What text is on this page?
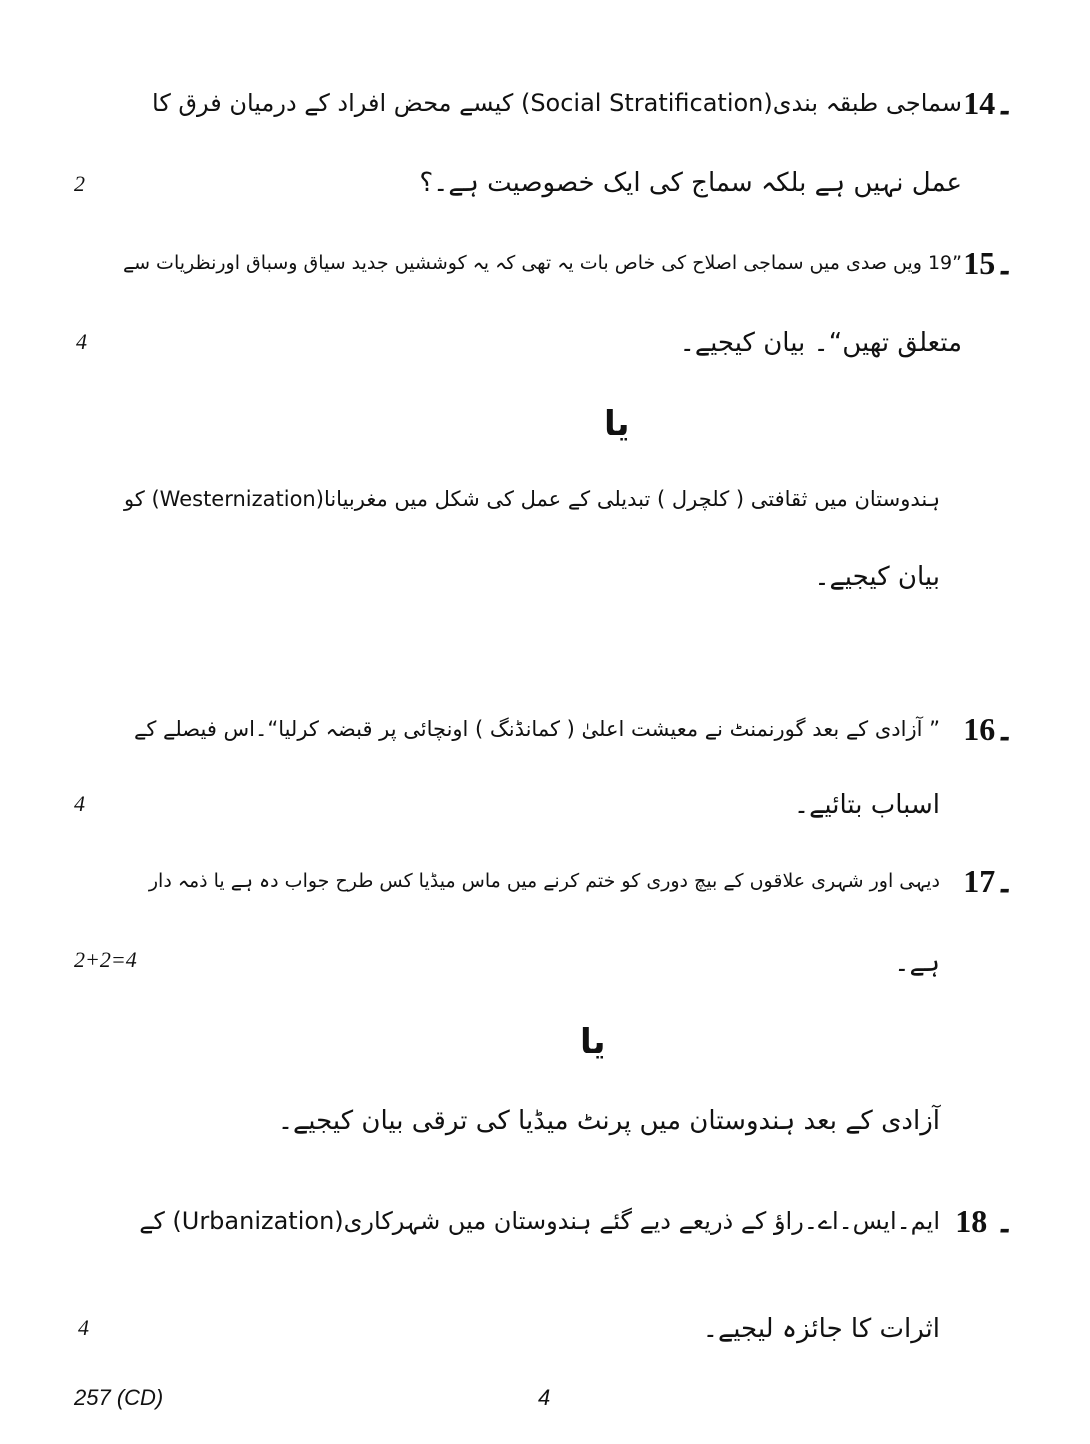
14۔
سماجی طبقہ بندی(Social Stratification) کیسے محض افراد کے درمیان فرق کا
عمل نہیں ہے بلکہ سماج کی ایک خصوصیت ہے۔؟
2
15۔
”19 ویں صدی میں سماجی اصلاح کی خاص بات یہ تھی کہ یہ کوششیں جدید سیاق وسباق اورنظریات سے
متعلق تھیں“۔ بیان کیجیے۔
4
یا
ہندوستان میں ثقافتی ( کلچرل ) تبدیلی کے عمل کی شکل میں مغربیانا(Westernization) کو
بیان کیجیے۔
16۔
” آزادی کے بعد گورنمنٹ نے معیشت اعلیٰ ( کمانڈنگ ) اونچائی پر قبضہ کرلیا“۔اس فیصلے کے
اسباب بتائیے۔
4
17۔
دیہی اور شہری علاقوں کے بیچ دوری کو ختم کرنے میں ماس میڈیا کس طرح جواب دہ ہے یا ذمہ دار
ہے۔
2+2=4
یا
آزادی کے بعد ہندوستان میں پرنٹ میڈیا کی ترقی بیان کیجیے۔
18 ۔
ایم۔ایس۔اے۔راؤ کے ذریعے دیے گئے ہندوستان میں شہرکاری(Urbanization) کے
اثرات کا جائزہ لیجیے۔
4
257 (CD)	4
